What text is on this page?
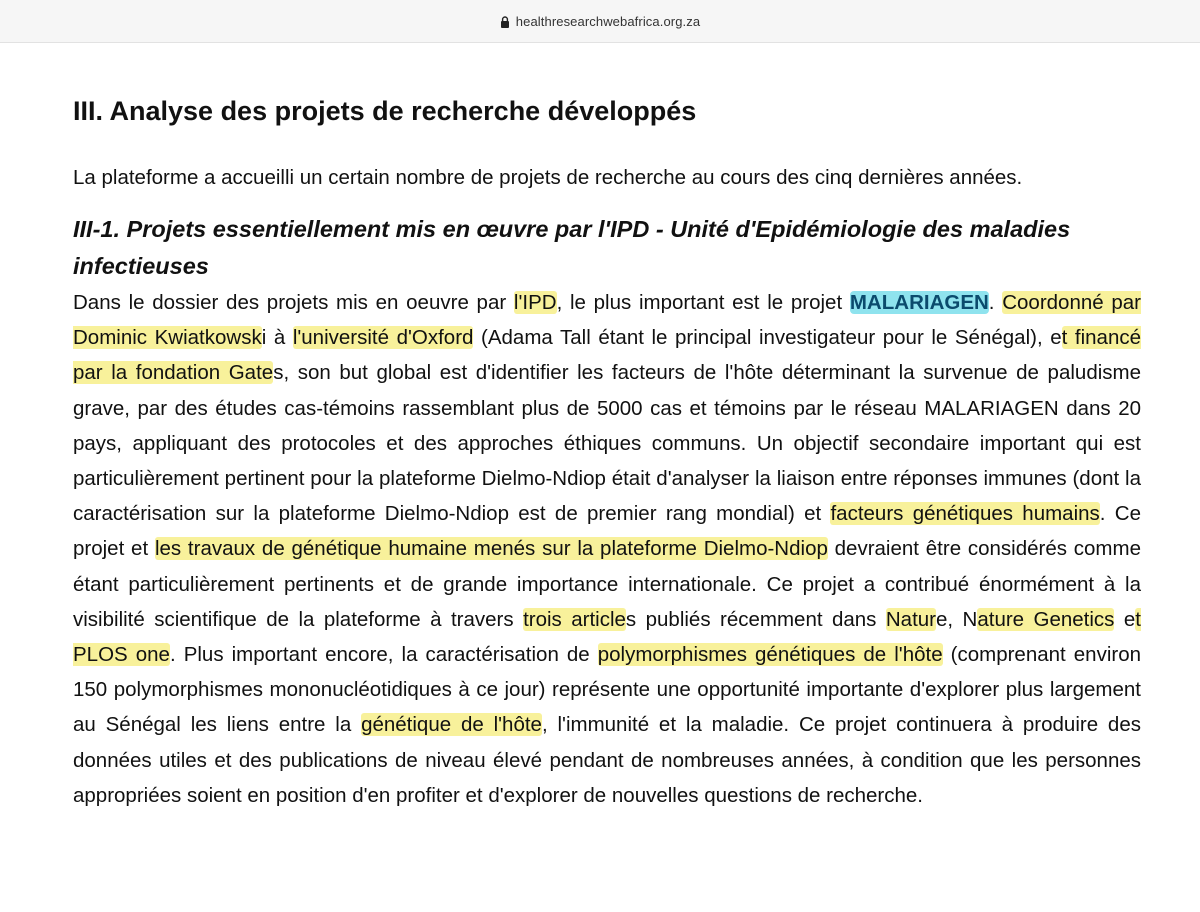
healthresearchwebafrica.org.za
III. Analyse des projets de recherche développés

La plateforme a accueilli un certain nombre de projets de recherche au cours des cinq dernières années.

III-1. Projets essentiellement mis en œuvre par l'IPD - Unité d'Epidémiologie des maladies infectieuses

Dans le dossier des projets mis en oeuvre par l'IPD, le plus important est le projet MALARIAGEN. Coordonné par Dominic Kwiatkowski à l'université d'Oxford (Adama Tall étant le principal investigateur pour le Sénégal), et financé par la fondation Gates, son but global est d'identifier les facteurs de l'hôte déterminant la survenue de paludisme grave, par des études cas-témoins rassemblant plus de 5000 cas et témoins par le réseau MALARIAGEN dans 20 pays, appliquant des protocoles et des approches éthiques communs. Un objectif secondaire important qui est particulièrement pertinent pour la plateforme Dielmo-Ndiop était d'analyser la liaison entre réponses immunes (dont la caractérisation sur la plateforme Dielmo-Ndiop est de premier rang mondial) et facteurs génétiques humains. Ce projet et les travaux de génétique humaine menés sur la plateforme Dielmo-Ndiop devraient être considérés comme étant particulièrement pertinents et de grande importance internationale. Ce projet a contribué énormément à la visibilité scientifique de la plateforme à travers trois articles publiés récemment dans Nature, Nature Genetics et PLOS one. Plus important encore, la caractérisation de polymorphismes génétiques de l'hôte (comprenant environ 150 polymorphismes mononucléotidiques à ce jour) représente une opportunité importante d'explorer plus largement au Sénégal les liens entre la génétique de l'hôte, l'immunité et la maladie. Ce projet continuera à produire des données utiles et des publications de niveau élevé pendant de nombreuses années, à condition que les personnes appropriées soient en position d'en profiter et d'explorer de nouvelles questions de recherche.
